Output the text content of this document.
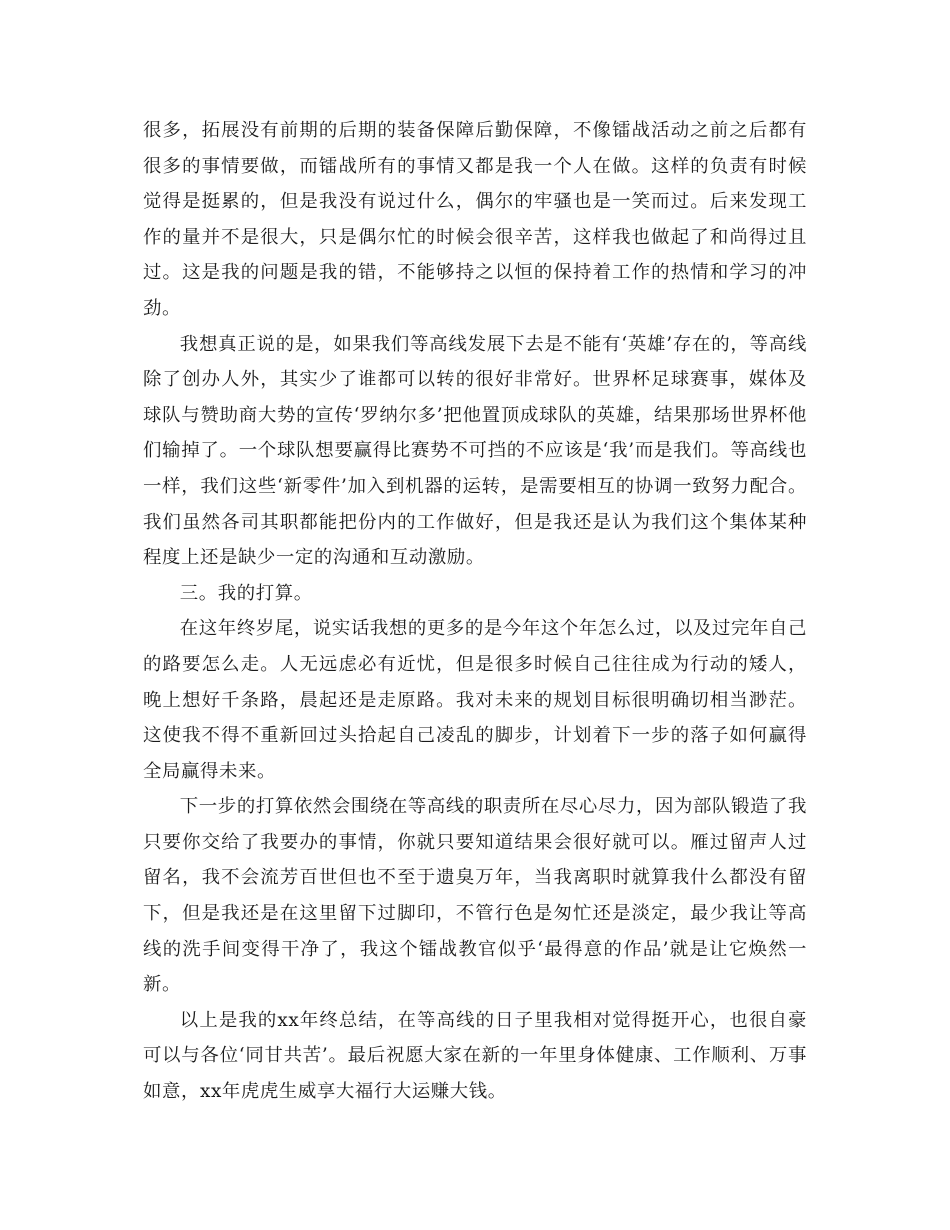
很多，拓展没有前期的后期的装备保障后勤保障，不像镭战活动之前之后都有很多的事情要做，而镭战所有的事情又都是我一个人在做。这样的负责有时候觉得是挺累的，但是我没有说过什么，偶尔的牢骚也是一笑而过。后来发现工作的量并不是很大，只是偶尔忙的时候会很辛苦，这样我也做起了和尚得过且过。这是我的问题是我的错，不能够持之以恒的保持着工作的热情和学习的冲劲。

我想真正说的是，如果我们等高线发展下去是不能有‘英雄’存在的，等高线除了创办人外，其实少了谁都可以转的很好非常好。世界杯足球赛事，媒体及球队与赞助商大势的宣传‘罗纳尔多’把他置顶成球队的英雄，结果那场世界杯他们输掉了。一个球队想要赢得比赛势不可挡的不应该是‘我’而是我们。等高线也一样，我们这些‘新零件’加入到机器的运转，是需要相互的协调一致努力配合。我们虽然各司其职都能把份内的工作做好，但是我还是认为我们这个集体某种程度上还是缺少一定的沟通和互动激励。

三。我的打算。

在这年终岁尾，说实话我想的更多的是今年这个年怎么过，以及过完年自己的路要怎么走。人无远虑必有近忧，但是很多时候自己往往成为行动的矮人，晚上想好千条路，晨起还是走原路。我对未来的规划目标很明确切相当渺茫。这使我不得不重新回过头拾起自己凌乱的脚步，计划着下一步的落子如何赢得全局赢得未来。

下一步的打算依然会围绕在等高线的职责所在尽心尽力，因为部队锻造了我只要你交给了我要办的事情，你就只要知道结果会很好就可以。雁过留声人过留名，我不会流芳百世但也不至于遗臭万年，当我离职时就算我什么都没有留下，但是我还是在这里留下过脚印，不管行色是匆忙还是淡定，最少我让等高线的洗手间变得干净了，我这个镭战教官似乎‘最得意的作品’就是让它焕然一新。

以上是我的xx年终总结，在等高线的日子里我相对觉得挺开心，也很自豪可以与各位‘同甘共苦’。最后祝愿大家在新的一年里身体健康、工作顺利、万事如意，xx年虎虎生威享大福行大运赚大钱。
